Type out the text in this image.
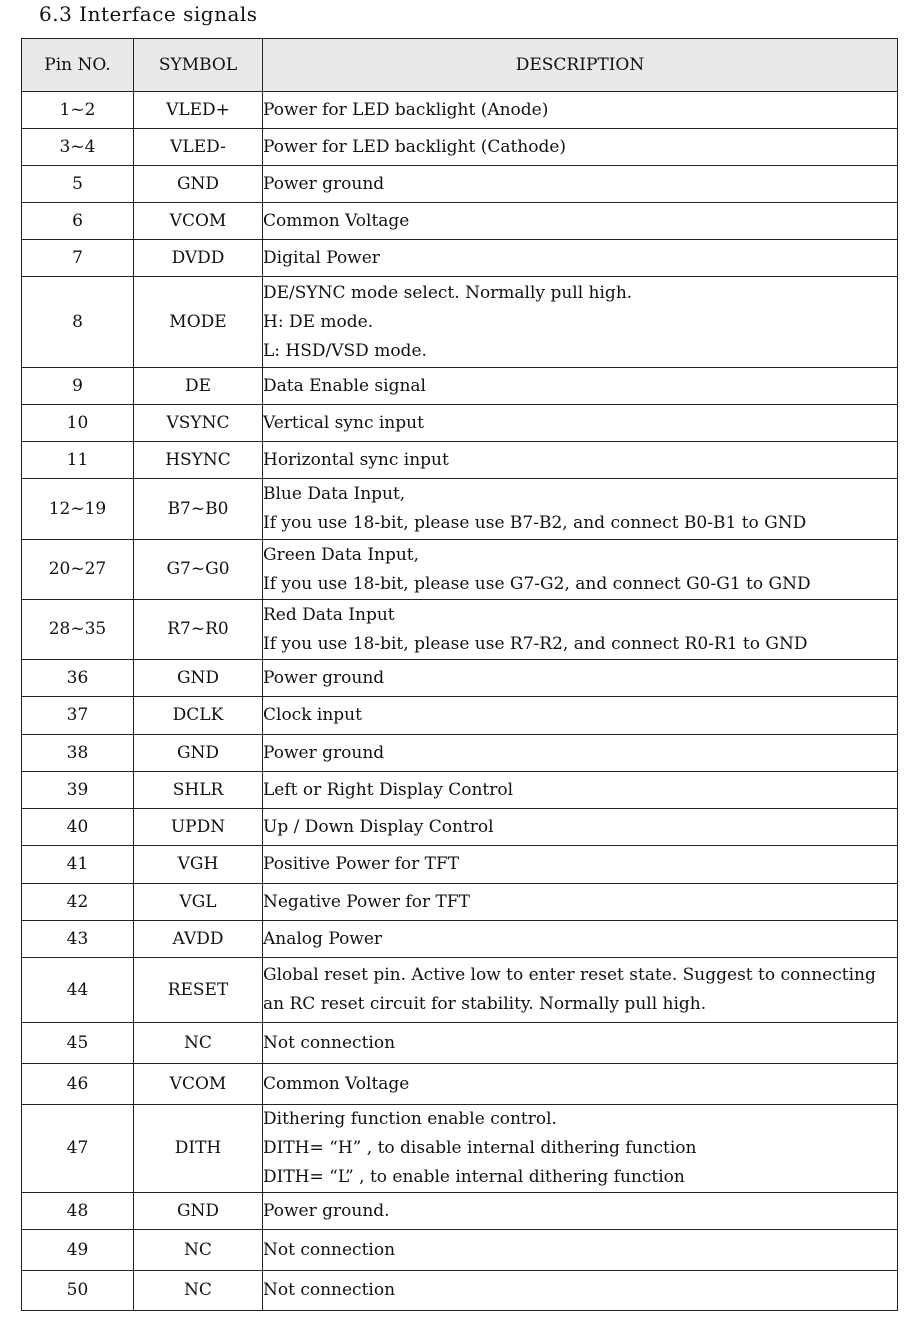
6.3 Interface signals
Pin NO.	SYMBOL	DESCRIPTION
1~2	VLED+	Power for LED backlight (Anode)

3~4	VLED-	Power for LED backlight (Cathode)

5	GND	Power ground

6	VCOM	Common Voltage

7	DVDD	Digital Power

8	MODE	DE/SYNC mode select. Normally pull high.
H: DE mode.
L: HSD/VSD mode.

9	DE	Data Enable signal

10	VSYNC	Vertical sync input

11	HSYNC	Horizontal sync input

12~19	B7~B0	Blue Data Input,
If you use 18-bit, please use B7-B2, and connect B0-B1 to GND

20~27	G7~G0	Green Data Input,
If you use 18-bit, please use G7-G2, and connect G0-G1 to GND

28~35	R7~R0	Red Data Input
If you use 18-bit, please use R7-R2, and connect R0-R1 to GND

36	GND	Power ground

37	DCLK	Clock input

38	GND	Power ground

39	SHLR	Left or Right Display Control

40	UPDN	Up / Down Display Control

41	VGH	Positive Power for TFT

42	VGL	Negative Power for TFT

43	AVDD	Analog Power

44	RESET	Global reset pin. Active low to enter reset state. Suggest to connecting
an RC reset circuit for stability. Normally pull high.

45	NC	Not connection

46	VCOM	Common Voltage

47	DITH	Dithering function enable control.
DITH= “H” , to disable internal dithering function
DITH= “L” , to enable internal dithering function

48	GND	Power ground.

49	NC	Not connection

50	NC	Not connection
